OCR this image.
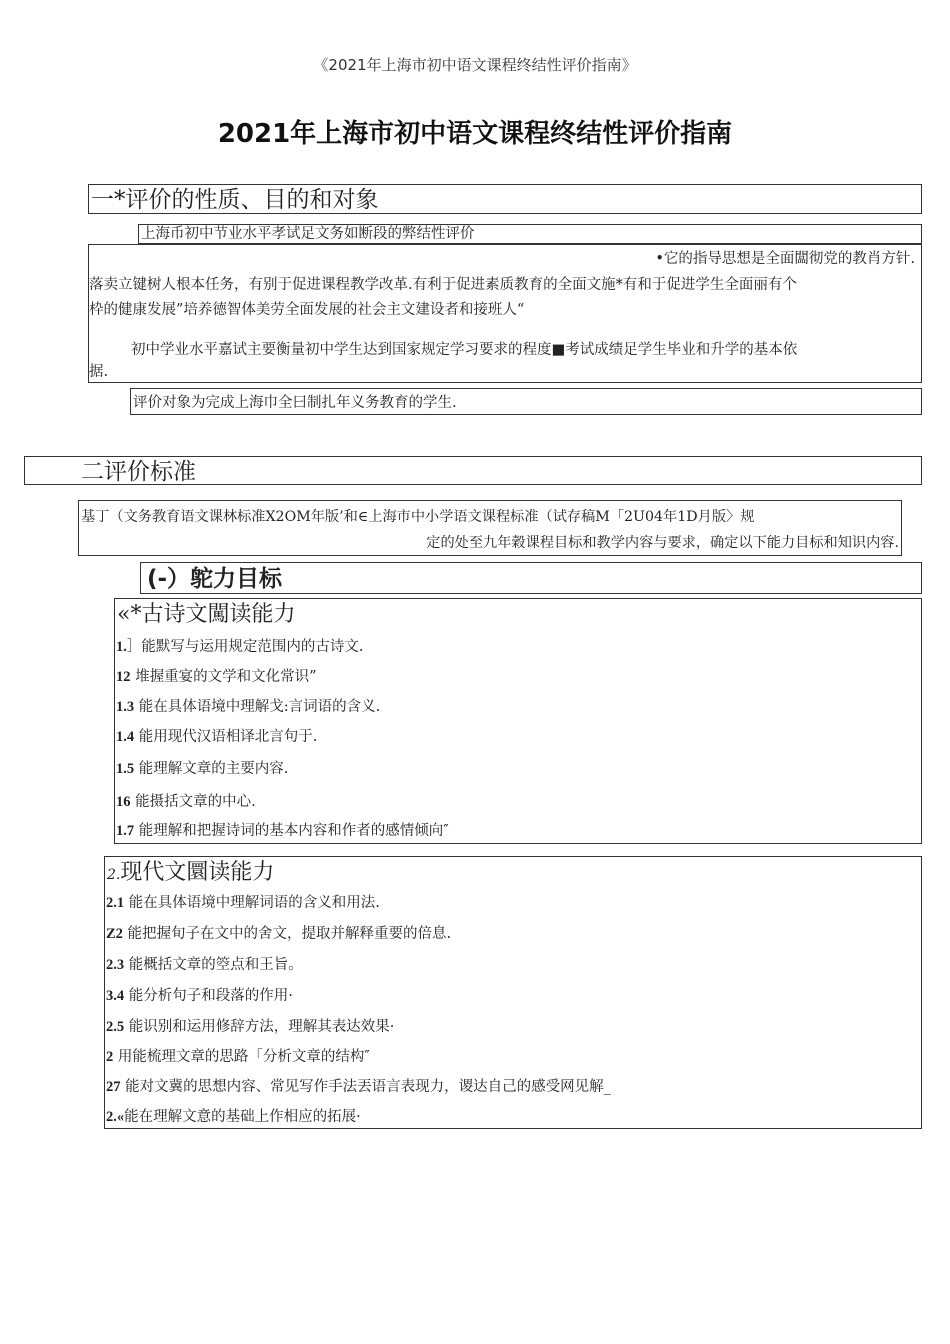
《2021年上海市初中语文课程终结性评价指南》
2021年上海市初中语文课程终结性评价指南
一*评价的性质、目的和对象
上海币初中节业水平孝试足文务如断段的弊结性评价
•它的指导思想是全面闆彻党的教肖方针.
落卖立键树人根本任务，有别于促进课程教学改革.有利于促进素质教育的全面文施*有和于促进学生全面丽有个
枠的健康发展”培养德智体美劳全面发展的社会主文建设者和接班人“
初中学业水平嘉试主要衡量初中学生达到国家规定学习要求的程度■考试成绩足学生毕业和升学的基本依
据.
评价对象为完成上海巾全曰制扎年义务教育的学生.
二评价标准
基丁（文务教育语文课林标准X2OM年版’和∈上海市中小学语文课程标准（试存稿M「2U04年1D月版〉规
定的处至九年穀课程目标和教学内容与要求，确定以下能力目标和知识内容.
(-）鸵力目标
«*古诗文闖读能力
1.］能默写与运用规定范围内的古诗文.
12 堆握重宴的文学和文化常识”
1.3 能在具体语境中理解戈:言词语的含义.
1.4 能用现代汉语相译北言句于.
1.5 能理解文章的主要内容.
16 能摄括文章的中心.
1.7 能理解和把握诗词的基本内容和作者的感情倾向″
2.现代文圜读能力
2.1 能在具体语境中理解词语的含义和用法.
Z2 能把握旬子在文中的舍文，提取并解释重要的倍息.
2.3 能概括文章的箜点和王旨。
3.4 能分析句子和段落的作用·
2.5 能识别和运用修辞方法，理解其表达效果·
2 用能梳理文章的思路「分析文章的结构″
27 能对文冀的思想内容、常见写作手法丟语言表现力，谡达自己的感受网见解_
2.«能在理解文意的基础上作相应的拓展·
